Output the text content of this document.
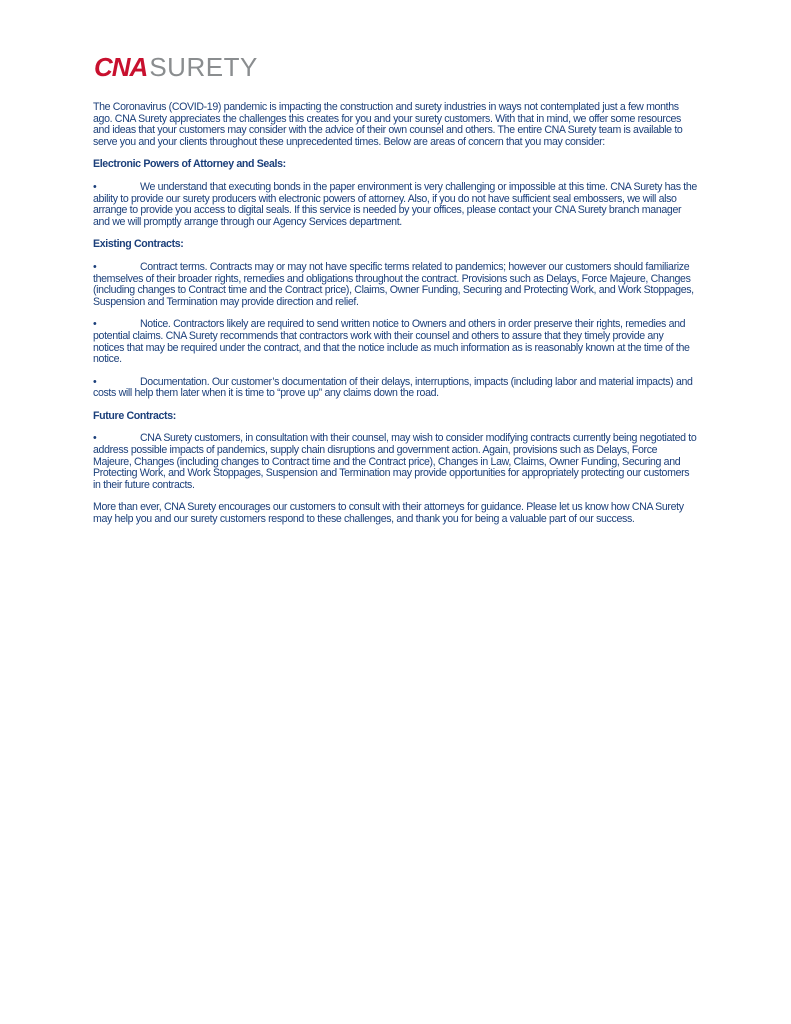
CNA SURETY

The Coronavirus (COVID-19) pandemic is impacting the construction and surety industries in ways not contemplated just a few months ago. CNA Surety appreciates the challenges this creates for you and your surety customers. With that in mind, we offer some resources and ideas that your customers may consider with the advice of their own counsel and others. The entire CNA Surety team is available to serve you and your clients throughout these unprecedented times. Below are areas of concern that you may consider:

Electronic Powers of Attorney and Seals:

•	We understand that executing bonds in the paper environment is very challenging or impossible at this time. CNA Surety has the ability to provide our surety producers with electronic powers of attorney. Also, if you do not have sufficient seal embossers, we will also arrange to provide you access to digital seals. If this service is needed by your offices, please contact your CNA Surety branch manager and we will promptly arrange through our Agency Services department.

Existing Contracts:

•	Contract terms. Contracts may or may not have specific terms related to pandemics; however our customers should familiarize themselves of their broader rights, remedies and obligations throughout the contract. Provisions such as Delays, Force Majeure, Changes (including changes to Contract time and the Contract price), Claims, Owner Funding, Securing and Protecting Work, and Work Stoppages, Suspension and Termination may provide direction and relief.

•	Notice. Contractors likely are required to send written notice to Owners and others in order preserve their rights, remedies and potential claims. CNA Surety recommends that contractors work with their counsel and others to assure that they timely provide any notices that may be required under the contract, and that the notice include as much information as is reasonably known at the time of the notice.

•	Documentation. Our customer’s documentation of their delays, interruptions, impacts (including labor and material impacts) and costs will help them later when it is time to “prove up” any claims down the road.

Future Contracts:

•	CNA Surety customers, in consultation with their counsel, may wish to consider modifying contracts currently being negotiated to address possible impacts of pandemics, supply chain disruptions and government action. Again, provisions such as Delays, Force Majeure, Changes (including changes to Contract time and the Contract price), Changes in Law, Claims, Owner Funding, Securing and Protecting Work, and Work Stoppages, Suspension and Termination may provide opportunities for appropriately protecting our customers in their future contracts.

More than ever, CNA Surety encourages our customers to consult with their attorneys for guidance. Please let us know how CNA Surety may help you and our surety customers respond to these challenges, and thank you for being a valuable part of our success.
